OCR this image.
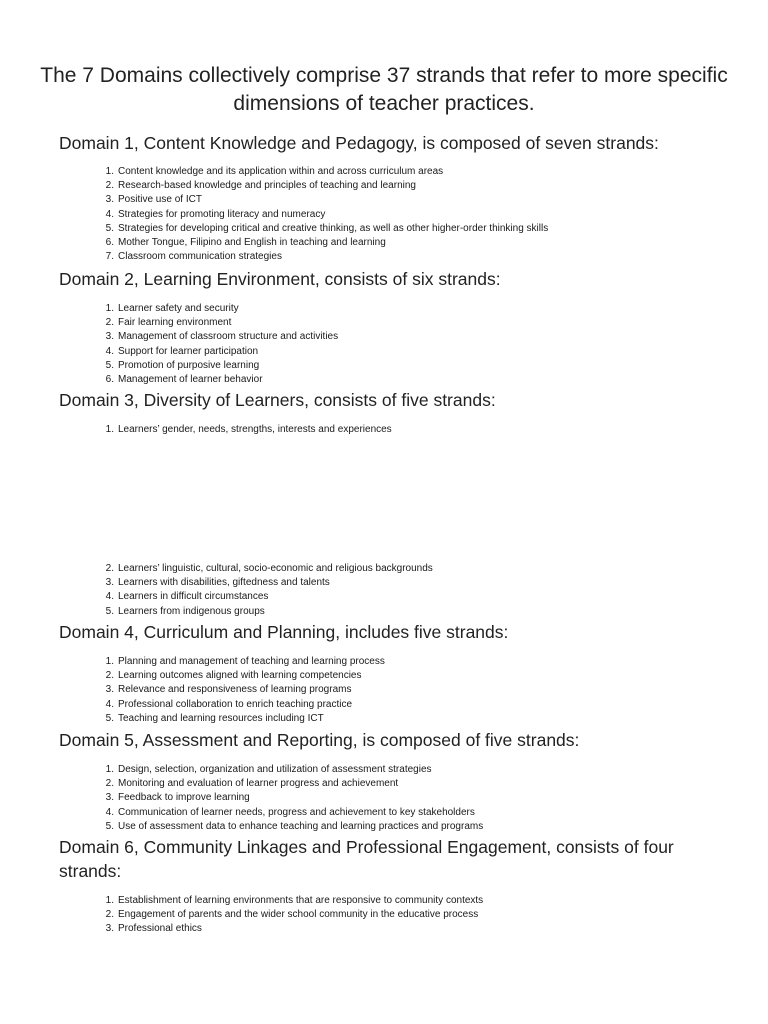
The 7 Domains collectively comprise 37 strands that refer to more specific dimensions of teacher practices.
Domain 1, Content Knowledge and Pedagogy, is composed of seven strands:
1. Content knowledge and its application within and across curriculum areas
2. Research-based knowledge and principles of teaching and learning
3. Positive use of ICT
4. Strategies for promoting literacy and numeracy
5. Strategies for developing critical and creative thinking, as well as other higher-order thinking skills
6. Mother Tongue, Filipino and English in teaching and learning
7. Classroom communication strategies
Domain 2, Learning Environment, consists of six strands:
1. Learner safety and security
2. Fair learning environment
3. Management of classroom structure and activities
4. Support for learner participation
5. Promotion of purposive learning
6. Management of learner behavior
Domain 3, Diversity of Learners, consists of five strands:
1. Learners’ gender, needs, strengths, interests and experiences
2. Learners’ linguistic, cultural, socio-economic and religious backgrounds
3. Learners with disabilities, giftedness and talents
4. Learners in difficult circumstances
5. Learners from indigenous groups
Domain 4, Curriculum and Planning, includes five strands:
1. Planning and management of teaching and learning process
2. Learning outcomes aligned with learning competencies
3. Relevance and responsiveness of learning programs
4. Professional collaboration to enrich teaching practice
5. Teaching and learning resources including ICT
Domain 5, Assessment and Reporting, is composed of five strands:
1. Design, selection, organization and utilization of assessment strategies
2. Monitoring and evaluation of learner progress and achievement
3. Feedback to improve learning
4. Communication of learner needs, progress and achievement to key stakeholders
5. Use of assessment data to enhance teaching and learning practices and programs
Domain 6, Community Linkages and Professional Engagement, consists of four strands:
1. Establishment of learning environments that are responsive to community contexts
2. Engagement of parents and the wider school community in the educative process
3. Professional ethics
